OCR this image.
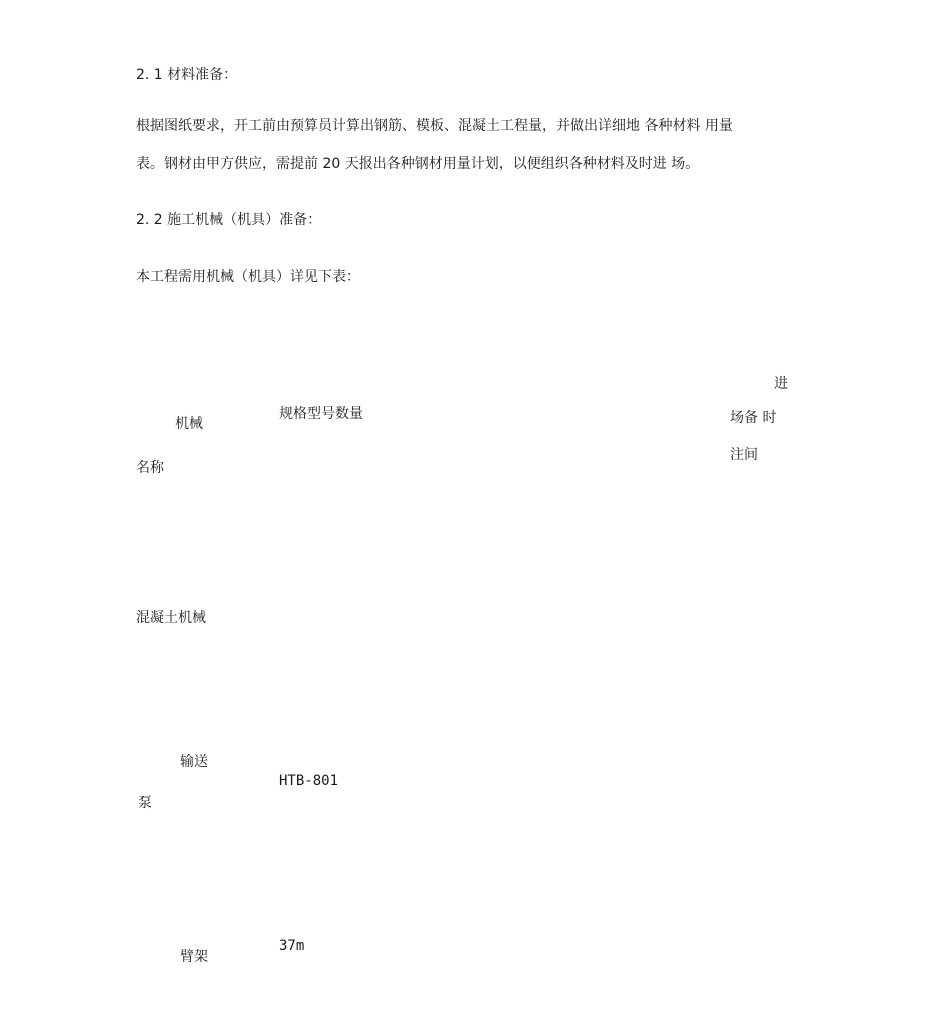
2. 1 材料准备：
根据图纸要求，开工前由预算员计算出钢筋、模板、混凝土工程量，并做出详细地 各种材料 用量
表。钢材由甲方供应，需提前 20 天报出各种钢材用量计划，以便组织各种材料及时进 场。
2. 2 施工机械（机具）准备：
本工程需用机械（机具）详见下表：
机械
名称
规格型号数量
进
场备 时
注间
混凝土机械
输送
泵
HTB-801
臂架
37m
